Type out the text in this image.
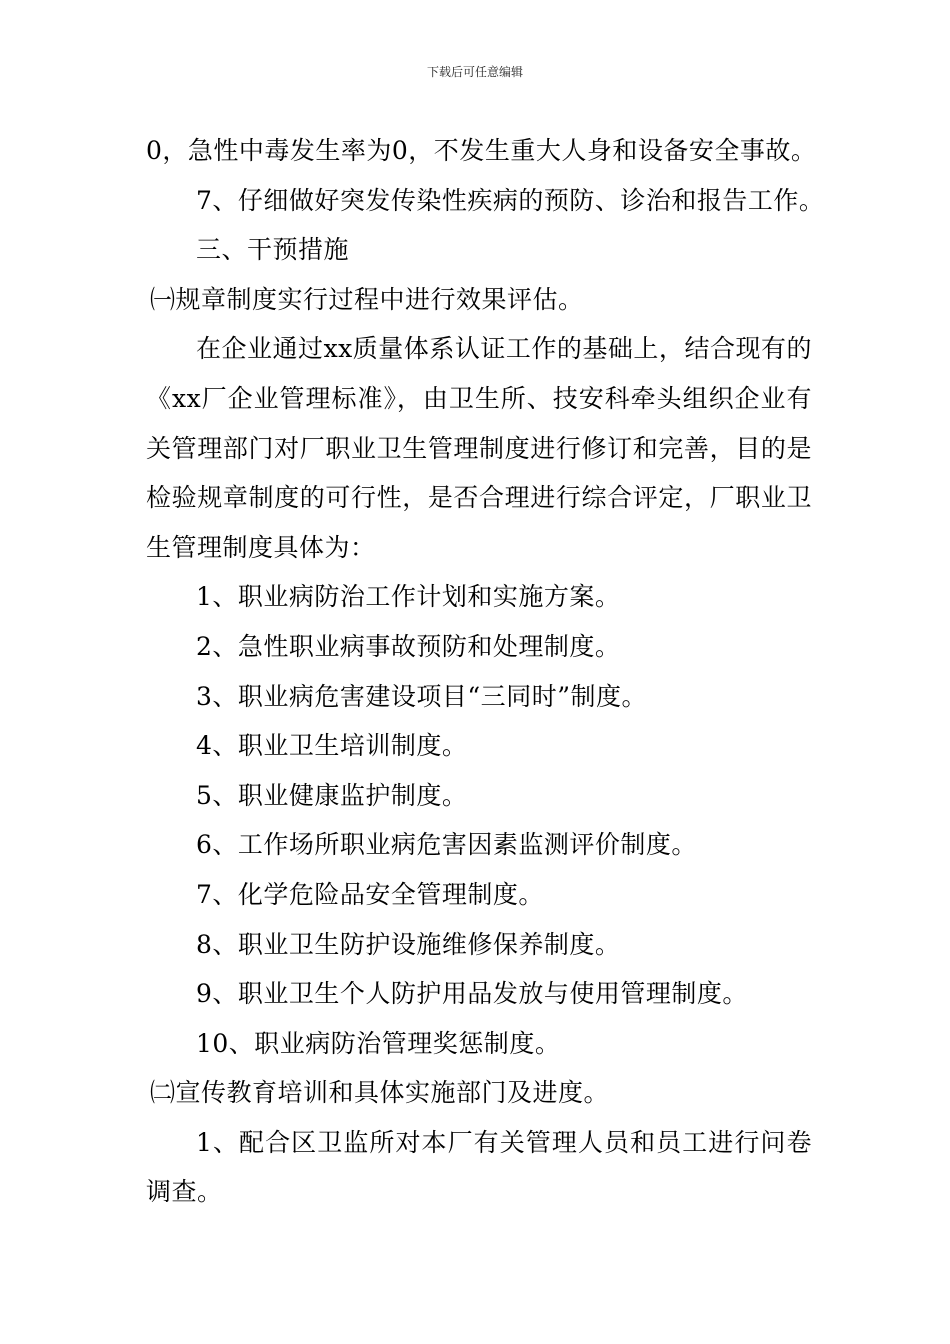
下载后可任意编辑

0，急性中毒发生率为0，不发生重大人身和设备安全事故。

7、仔细做好突发传染性疾病的预防、诊治和报告工作。

三、干预措施

㈠规章制度实行过程中进行效果评估。

在企业通过xx质量体系认证工作的基础上，结合现有的《xx厂企业管理标准》，由卫生所、技安科牵头组织企业有关管理部门对厂职业卫生管理制度进行修订和完善，目的是检验规章制度的可行性，是否合理进行综合评定，厂职业卫生管理制度具体为：

1、职业病防治工作计划和实施方案。

2、急性职业病事故预防和处理制度。

3、职业病危害建设项目“三同时”制度。

4、职业卫生培训制度。

5、职业健康监护制度。

6、工作场所职业病危害因素监测评价制度。

7、化学危险品安全管理制度。

8、职业卫生防护设施维修保养制度。

9、职业卫生个人防护用品发放与使用管理制度。

10、职业病防治管理奖惩制度。

㈡宣传教育培训和具体实施部门及进度。

1、配合区卫监所对本厂有关管理人员和员工进行问卷调查。
